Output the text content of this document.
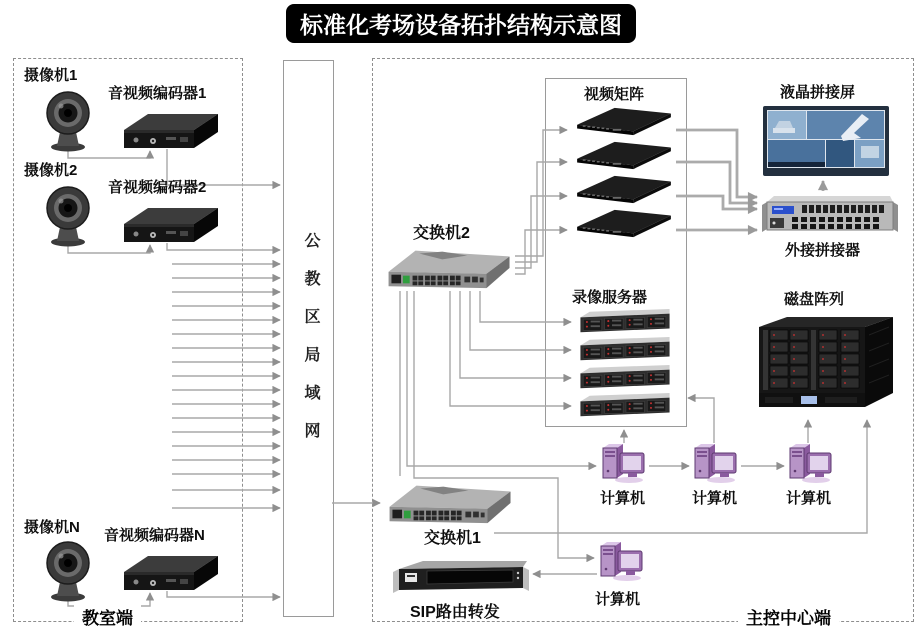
标准化考场设备拓扑结构示意图
公教区局域网
摄像机1
音视频编码器1
摄像机2
音视频编码器2
摄像机N 音视频编码器N
教室端
交换机2
视频矩阵
录像服务器
液晶拼接屏
外接拼接器
磁盘阵列
计算机	计算机	计算机
交换机1
SIP路由转发
计算机
主控中心端
